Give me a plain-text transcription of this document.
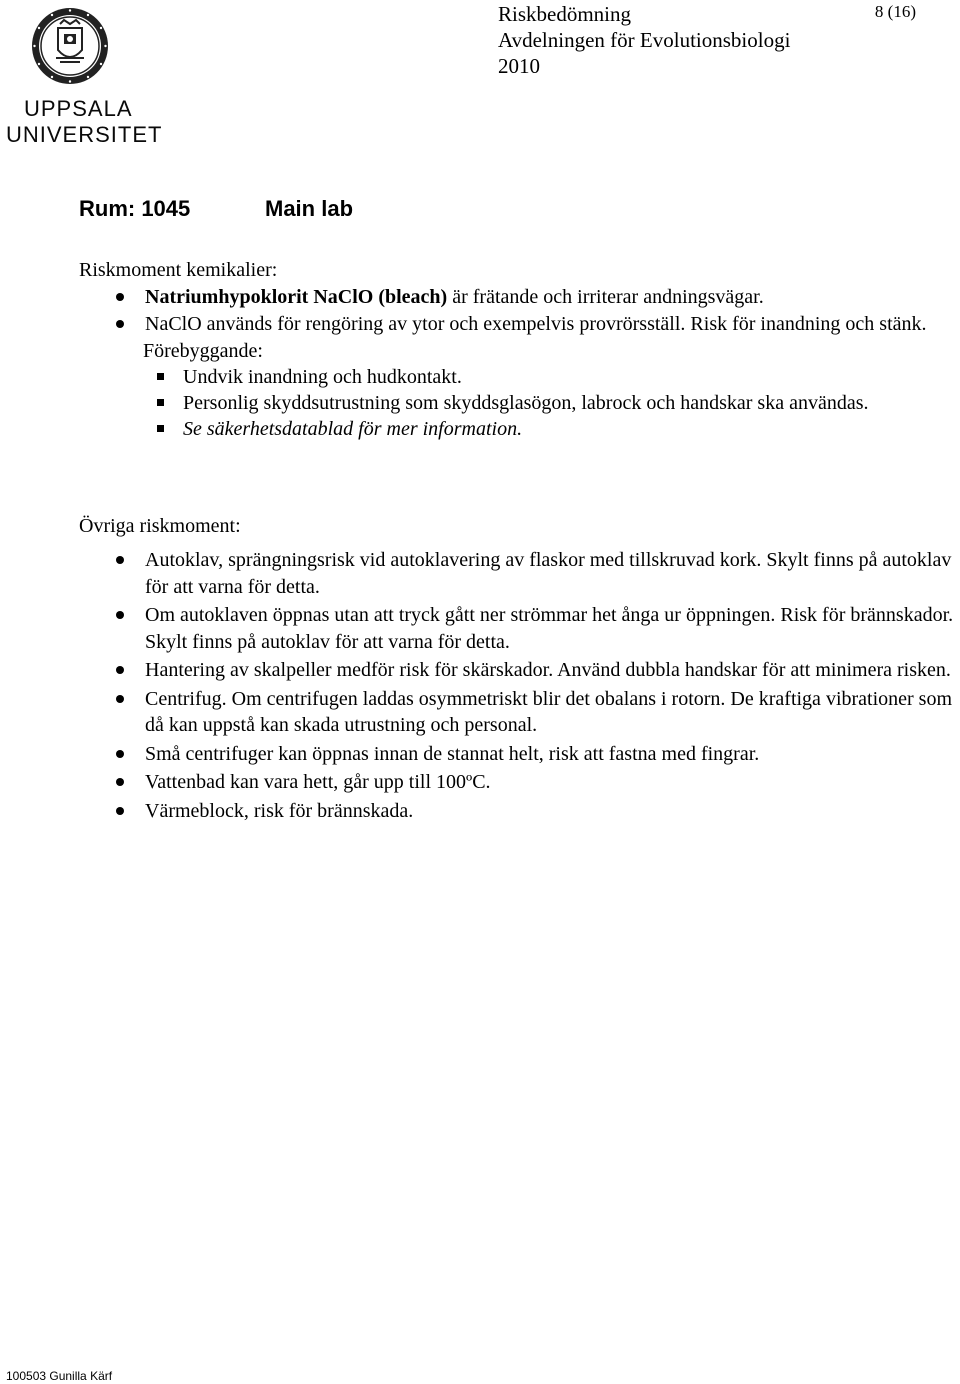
UPPSALA
UNIVERSITET
Riskbedömning
Avdelningen för Evolutionsbiologi
2010
8 (16)
Rum: 1045	Main lab
Riskmoment kemikalier:
Natriumhypoklorit NaClO (bleach) är frätande och irriterar andningsvägar.
NaClO används för rengöring av ytor och exempelvis provrörsställ. Risk för inandning och stänk.
Förebyggande:
Undvik inandning och hudkontakt.
Personlig skyddsutrustning som skyddsglasögon, labrock och handskar ska användas.
Se säkerhetsdatablad för mer information.
Övriga riskmoment:
Autoklav, sprängningsrisk vid autoklavering av flaskor med tillskruvad kork. Skylt finns på autoklav för att varna för detta.
Om autoklaven öppnas utan att tryck gått ner strömmar het ånga ur öppningen. Risk för brännskador. Skylt finns på autoklav för att varna för detta.
Hantering av skalpeller medför risk för skärskador. Använd dubbla handskar för att minimera risken.
Centrifug. Om centrifugen laddas osymmetriskt blir det obalans i rotorn. De kraftiga vibrationer som då kan uppstå kan skada utrustning och personal.
Små centrifuger kan öppnas innan de stannat helt, risk att fastna med fingrar.
Vattenbad kan vara hett, går upp till 100ºC.
Värmeblock, risk för brännskada.
100503 Gunilla Kärf
